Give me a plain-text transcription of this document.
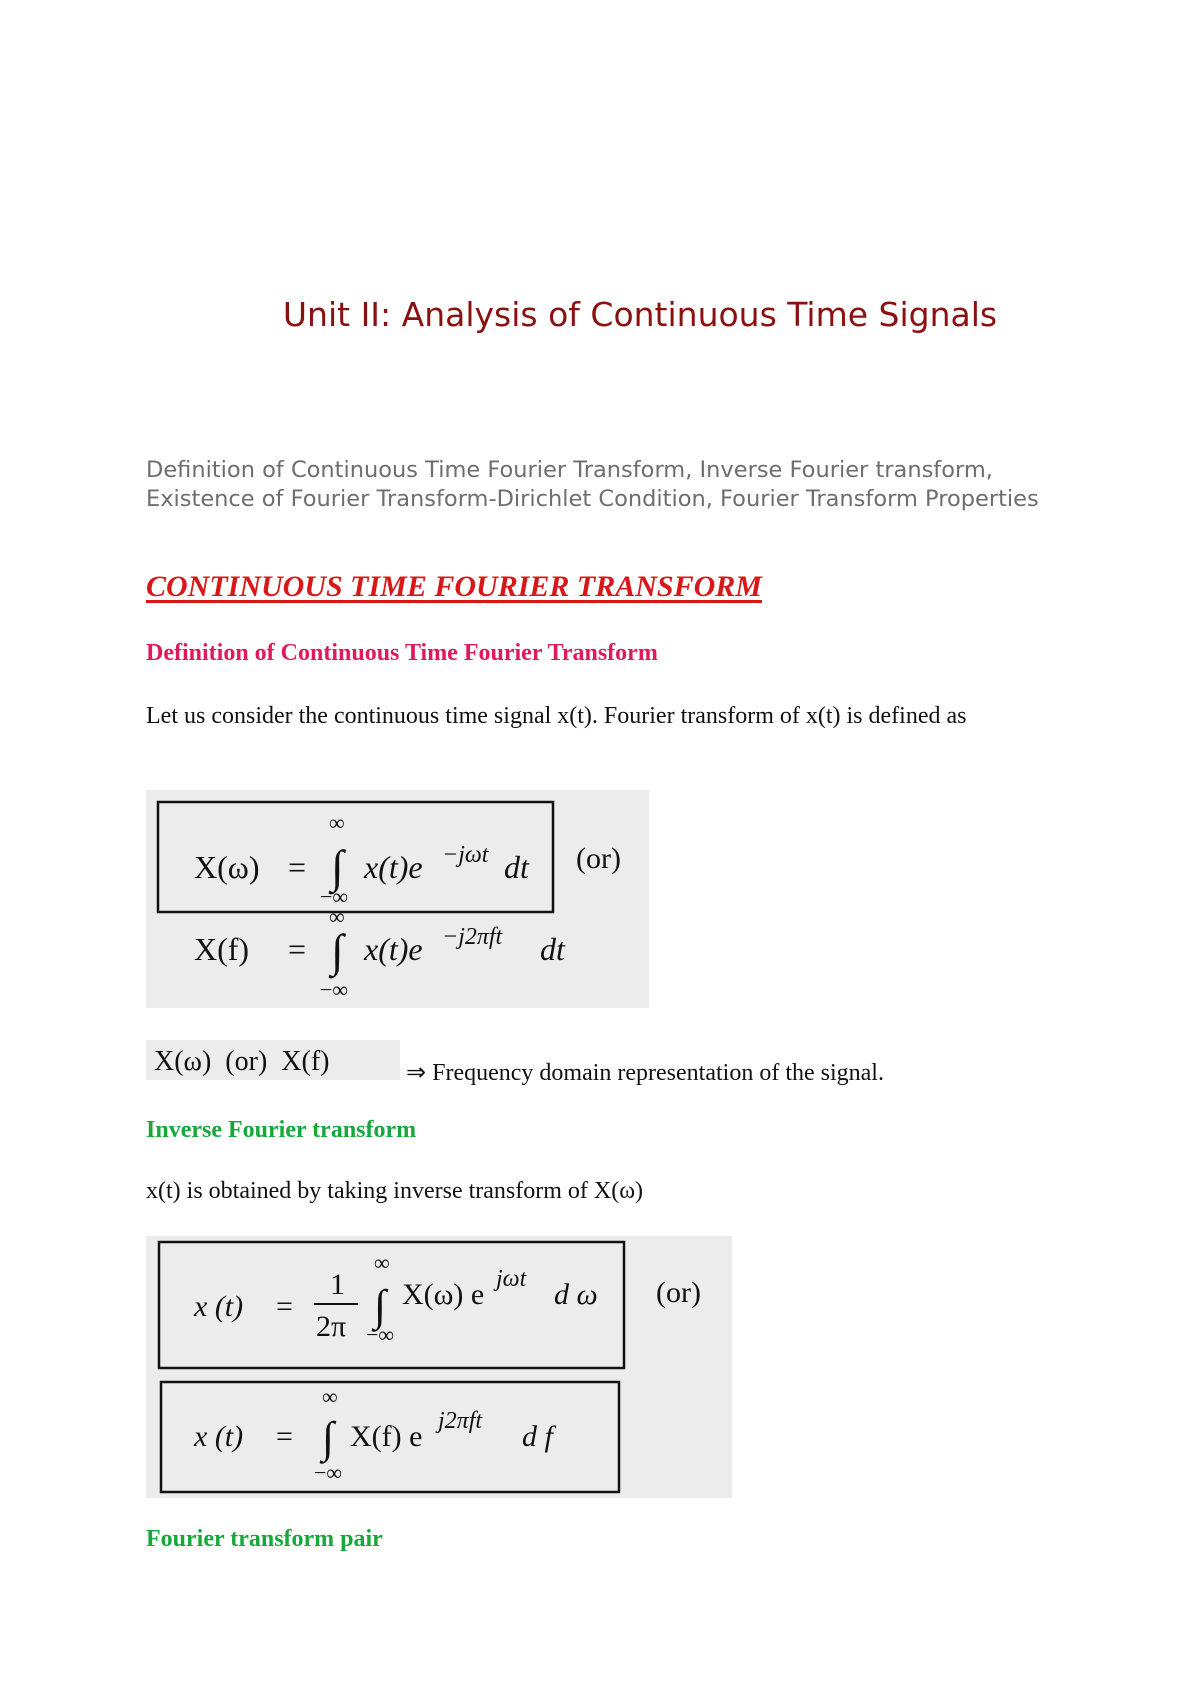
Unit II: Analysis of Continuous Time Signals
Definition of Continuous Time Fourier Transform, Inverse Fourier transform, Existence of Fourier Transform-Dirichlet Condition, Fourier Transform Properties
CONTINUOUS TIME FOURIER TRANSFORM
Definition of Continuous Time Fourier Transform
Let us consider the continuous time signal x(t). Fourier transform of x(t) is defined as
X(ω) =
∞
∫
−∞
x(t)e −jωt dt (or)
X(f) =
∞
∫
−∞
x(t)e −j2πft dt
X(ω)  (or)  X(f)	⇒ Frequency domain representation of the signal.
Inverse Fourier transform
x(t) is obtained by taking inverse transform of X(ω)
x (t) =
1
2π
∞
∫
−∞
X(ω) e jωt d ω (or)
x (t) =
∞
∫
−∞
X(f) e j2πft d f
Fourier transform pair
